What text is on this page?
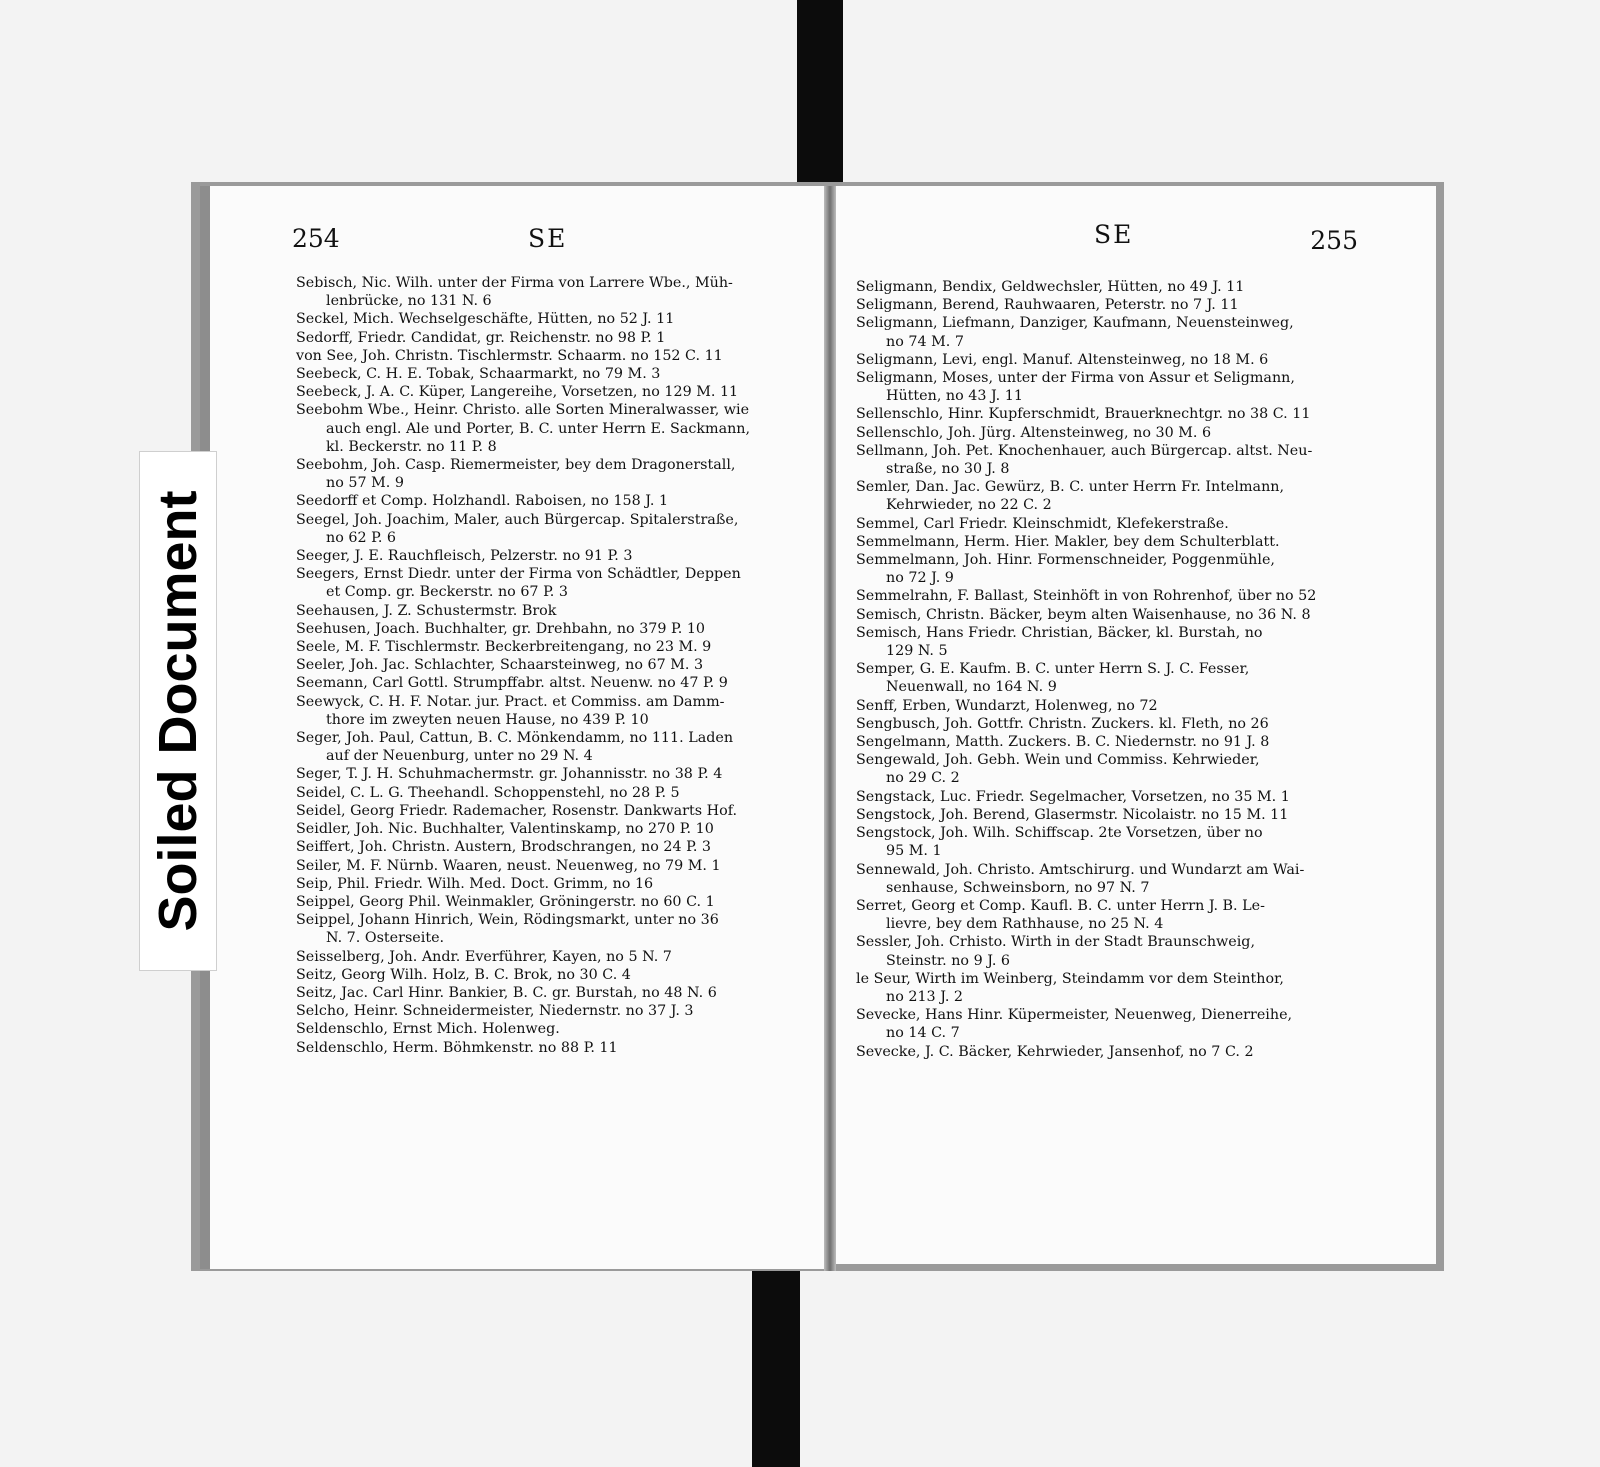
254	SE
Sebisch, Nic. Wilh. unter der Firma von Larrere Wbe., Müh-
lenbrücke, no 131 N. 6
Seckel, Mich. Wechselgeschäfte, Hütten, no 52 J. 11
Sedorff, Friedr. Candidat, gr. Reichenstr. no 98 P. 1
von See, Joh. Christn. Tischlermstr. Schaarm. no 152 C. 11
Seebeck, C. H. E. Tobak, Schaarmarkt, no 79 M. 3
Seebeck, J. A. C. Küper, Langereihe, Vorsetzen, no 129 M. 11
Seebohm Wbe., Heinr. Christo. alle Sorten Mineralwasser, wie
auch engl. Ale und Porter, B. C. unter Herrn E. Sackmann,
kl. Beckerstr. no 11 P. 8
Seebohm, Joh. Casp. Riemermeister, bey dem Dragonerstall,
no 57 M. 9
Seedorff et Comp. Holzhandl. Raboisen, no 158 J. 1
Seegel, Joh. Joachim, Maler, auch Bürgercap. Spitalerstraße,
no 62 P. 6
Seeger, J. E. Rauchfleisch, Pelzerstr. no 91 P. 3
Seegers, Ernst Diedr. unter der Firma von Schädtler, Deppen
et Comp. gr. Beckerstr. no 67 P. 3
Seehausen, J. Z. Schustermstr. Brok
Seehusen, Joach. Buchhalter, gr. Drehbahn, no 379 P. 10
Seele, M. F. Tischlermstr. Beckerbreitengang, no 23 M. 9
Seeler, Joh. Jac. Schlachter, Schaarsteinweg, no 67 M. 3
Seemann, Carl Gottl. Strumpffabr. altst. Neuenw. no 47 P. 9
Seewyck, C. H. F. Notar. jur. Pract. et Commiss. am Damm-
thore im zweyten neuen Hause, no 439 P. 10
Seger, Joh. Paul, Cattun, B. C. Mönkendamm, no 111. Laden
auf der Neuenburg, unter no 29 N. 4
Seger, T. J. H. Schuhmachermstr. gr. Johannisstr. no 38 P. 4
Seidel, C. L. G. Theehandl. Schoppenstehl, no 28 P. 5
Seidel, Georg Friedr. Rademacher, Rosenstr. Dankwarts Hof.
Seidler, Joh. Nic. Buchhalter, Valentinskamp, no 270 P. 10
Seiffert, Joh. Christn. Austern, Brodschrangen, no 24 P. 3
Seiler, M. F. Nürnb. Waaren, neust. Neuenweg, no 79 M. 1
Seip, Phil. Friedr. Wilh. Med. Doct. Grimm, no 16
Seippel, Georg Phil. Weinmakler, Gröningerstr. no 60 C. 1
Seippel, Johann Hinrich, Wein, Rödingsmarkt, unter no 36
N. 7. Osterseite.
Seisselberg, Joh. Andr. Everführer, Kayen, no 5 N. 7
Seitz, Georg Wilh. Holz, B. C. Brok, no 30 C. 4
Seitz, Jac. Carl Hinr. Bankier, B. C. gr. Burstah, no 48 N. 6
Selcho, Heinr. Schneidermeister, Niedernstr. no 37 J. 3
Seldenschlo, Ernst Mich. Holenweg.
Seldenschlo, Herm. Böhmkenstr. no 88 P. 11
SE	255
Seligmann, Bendix, Geldwechsler, Hütten, no 49 J. 11
Seligmann, Berend, Rauhwaaren, Peterstr. no 7 J. 11
Seligmann, Liefmann, Danziger, Kaufmann, Neuensteinweg,
no 74 M. 7
Seligmann, Levi, engl. Manuf. Altensteinweg, no 18 M. 6
Seligmann, Moses, unter der Firma von Assur et Seligmann,
Hütten, no 43 J. 11
Sellenschlo, Hinr. Kupferschmidt, Brauerknechtgr. no 38 C. 11
Sellenschlo, Joh. Jürg. Altensteinweg, no 30 M. 6
Sellmann, Joh. Pet. Knochenhauer, auch Bürgercap. altst. Neu-
straße, no 30 J. 8
Semler, Dan. Jac. Gewürz, B. C. unter Herrn Fr. Intelmann,
Kehrwieder, no 22 C. 2
Semmel, Carl Friedr. Kleinschmidt, Klefekerstraße.
Semmelmann, Herm. Hier. Makler, bey dem Schulterblatt.
Semmelmann, Joh. Hinr. Formenschneider, Poggenmühle,
no 72 J. 9
Semmelrahn, F. Ballast, Steinhöft in von Rohrenhof, über no 52
Semisch, Christn. Bäcker, beym alten Waisenhause, no 36 N. 8
Semisch, Hans Friedr. Christian, Bäcker, kl. Burstah, no
129 N. 5
Semper, G. E. Kaufm. B. C. unter Herrn S. J. C. Fesser,
Neuenwall, no 164 N. 9
Senff, Erben, Wundarzt, Holenweg, no 72
Sengbusch, Joh. Gottfr. Christn. Zuckers. kl. Fleth, no 26
Sengelmann, Matth. Zuckers. B. C. Niedernstr. no 91 J. 8
Sengewald, Joh. Gebh. Wein und Commiss. Kehrwieder,
no 29 C. 2
Sengstack, Luc. Friedr. Segelmacher, Vorsetzen, no 35 M. 1
Sengstock, Joh. Berend, Glasermstr. Nicolaistr. no 15 M. 11
Sengstock, Joh. Wilh. Schiffscap. 2te Vorsetzen, über no
95 M. 1
Sennewald, Joh. Christo. Amtschirurg. und Wundarzt am Wai-
senhause, Schweinsborn, no 97 N. 7
Serret, Georg et Comp. Kaufl. B. C. unter Herrn J. B. Le-
lievre, bey dem Rathhause, no 25 N. 4
Sessler, Joh. Crhisto. Wirth in der Stadt Braunschweig,
Steinstr. no 9 J. 6
le Seur, Wirth im Weinberg, Steindamm vor dem Steinthor,
no 213 J. 2
Sevecke, Hans Hinr. Küpermeister, Neuenweg, Dienerreihe,
no 14 C. 7
Sevecke, J. C. Bäcker, Kehrwieder, Jansenhof, no 7 C. 2
Soiled Document
